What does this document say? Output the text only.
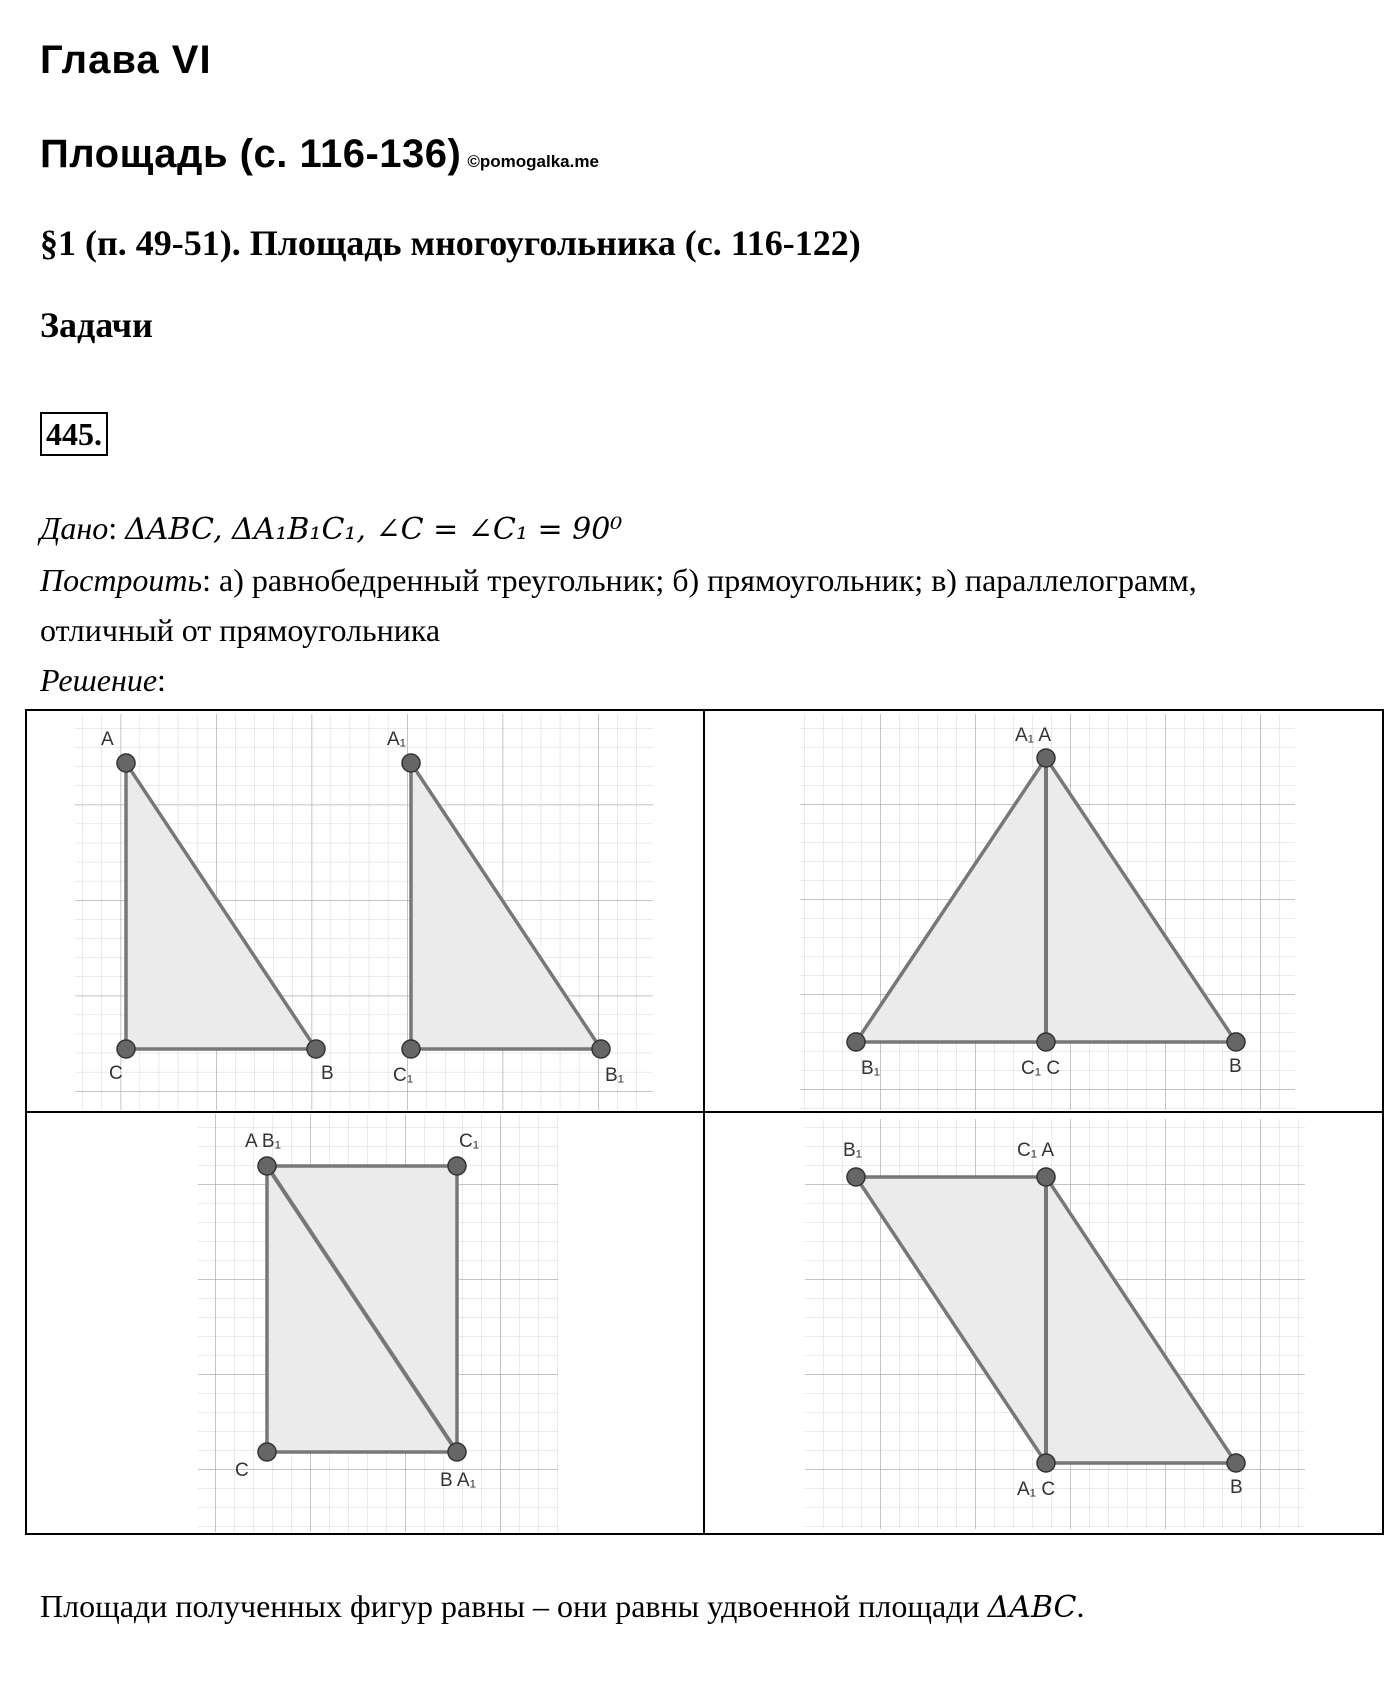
Глава VI
Площадь (с. 116-136) ©pomogalka.me
§1 (п. 49-51). Площадь многоугольника (с. 116-122)
Задачи
445.
Дано: ΔABC, ΔA₁B₁C₁, ∠C = ∠C₁ = 90⁰
Построить: а) равнобедренный треугольник; б) прямоугольник; в) параллелограмм,
отличный от прямоугольника
Решение:
A
C	B
A₁
C₁	B₁
A₁ A
B₁	C₁ C	B
A B₁	C₁
C	B A₁
B₁	C₁ A
A₁ C	B
Площади полученных фигур равны – они равны удвоенной площади ΔABC.
